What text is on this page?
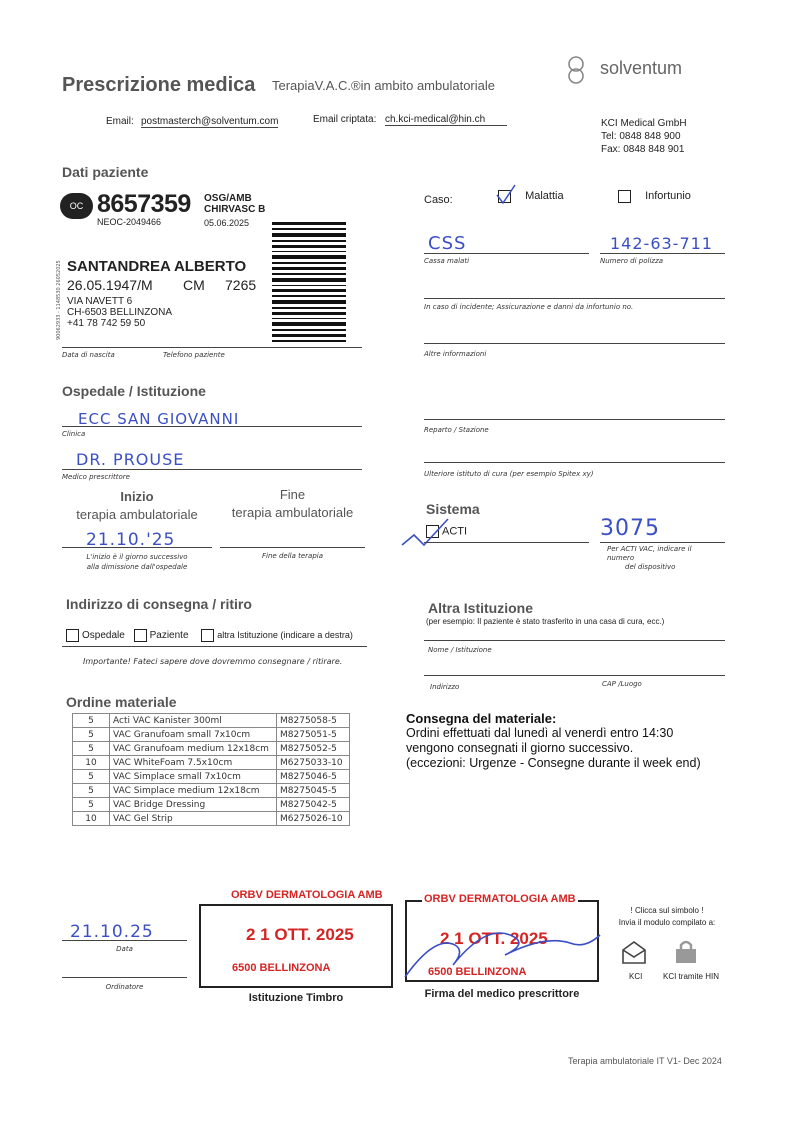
Prescrizione medica TerapiaV.A.C.®in ambito ambulatoriale
solventum
Email: postmasterch@solventum.com	Email criptata: ch.kci-medical@hin.ch	KCI Medical GmbH
Tel: 0848 848 900
Fax: 0848 848 901
Dati paziente
OC 8657359 OSG/AMB
CHIRVASC B
NEOC-2049466	05.06.2025
90062933 - 1148530 26052025 SANTANDREA ALBERTO
26.05.1947/M CM 7265
VIA NAVETT 6
CH-6503 BELLINZONA
+41 78 742 59 50
Data di nascita	Telefono paziente
Caso:	Malattia	Infortunio
CSS
Cassa malati
142-63-711
Numero di polizza
In caso di incidente; Assicurazione e danni da infortunio no.
Altre informazioni
Ospedale / Istituzione
ECC SAN GIOVANNI
Clinica
DR. PROUSE
Medico prescrittore
Reparto / Stazione
Ulteriore istituto di cura (per esempio Spitex xy)
Inizio
terapia ambulatoriale
Fine
terapia ambulatoriale
21.10.'25
L'inizio è il giorno successivo
alla dimissione dall'ospedale
Fine della terapia
Sistema
ACTI	3075
Per ACTI VAC, indicare il
numero
del dispositivo
Indirizzo di consegna / ritiro
Ospedale Paziente	altra Istituzione (indicare a destra)
Importante! Fateci sapere dove dovremmo consegnare / ritirare.
Altra Istituzione
(per esempio: Il paziente è stato trasferito in una casa di cura, ecc.)
Nome / Istituzione
Indirizzo	CAP /Luogo
Ordine materiale
5	Acti VAC Kanister 300ml	M8275058-5
5	VAC Granufoam small 7x10cm	M8275051-5
5	VAC Granufoam medium 12x18cm	M8275052-5
10	VAC WhiteFoam 7.5x10cm	M6275033-10
5	VAC Simplace small 7x10cm	M8275046-5
5	VAC Simplace medium 12x18cm	M8275045-5
5	VAC Bridge Dressing	M8275042-5
10	VAC Gel Strip	M6275026-10
Consegna del materiale:
Ordini effettuati dal lunedì al venerdì entro 14:30
vengono consegnati il giorno successivo.
(eccezioni: Urgenze - Consegne durante il week end)
21.10.25
Data
Ordinatore
ORBV DERMATOLOGIA AMB
2 1 OTT. 2025
6500 BELLINZONA
Istituzione Timbro
ORBV DERMATOLOGIA AMB
2 1 OTT. 2025
6500 BELLINZONA
Firma del medico prescrittore
! Clicca sul simbolo !
Invia il modulo compilato a:
KCI	KCI tramite HIN
Terapia ambulatoriale IT V1- Dec 2024
